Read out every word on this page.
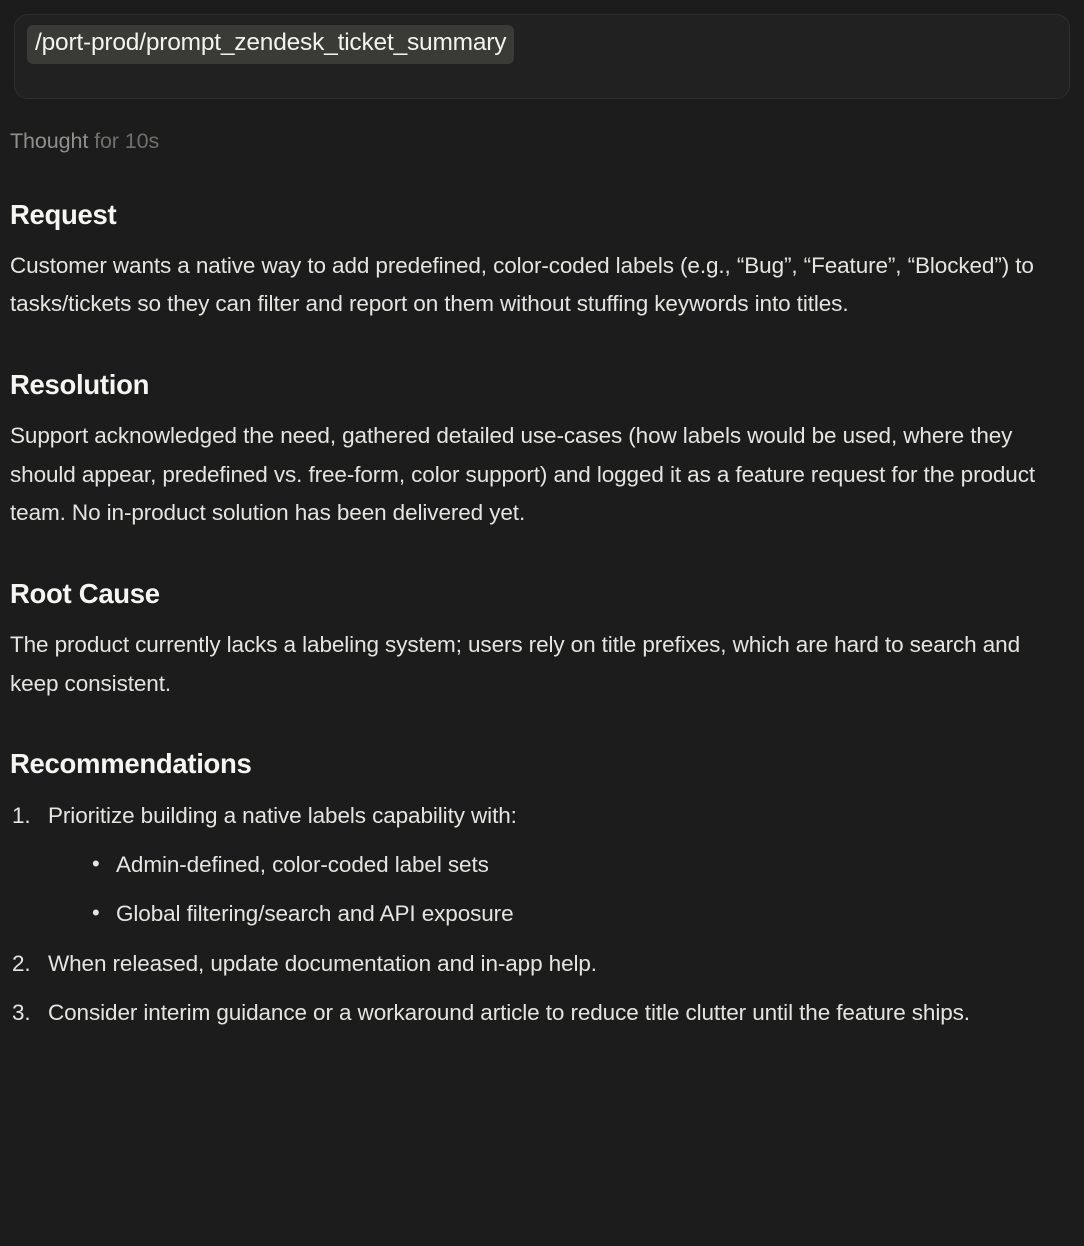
/port-prod/prompt_zendesk_ticket_summary
Thought for 10s
Request

Customer wants a native way to add predefined, color-coded labels (e.g., “Bug”, “Feature”, “Blocked”) to tasks/tickets so they can filter and report on them without stuffing keywords into titles.

Resolution

Support acknowledged the need, gathered detailed use-cases (how labels would be used, where they should appear, predefined vs. free-form, color support) and logged it as a feature request for the product team. No in-product solution has been delivered yet.

Root Cause

The product currently lacks a labeling system; users rely on title prefixes, which are hard to search and keep consistent.

Recommendations
Prioritize building a native labels capability with:
• Admin-defined, color-coded label sets
• Global filtering/search and API exposure
When released, update documentation and in-app help.
Consider interim guidance or a workaround article to reduce title clutter until the feature ships.
